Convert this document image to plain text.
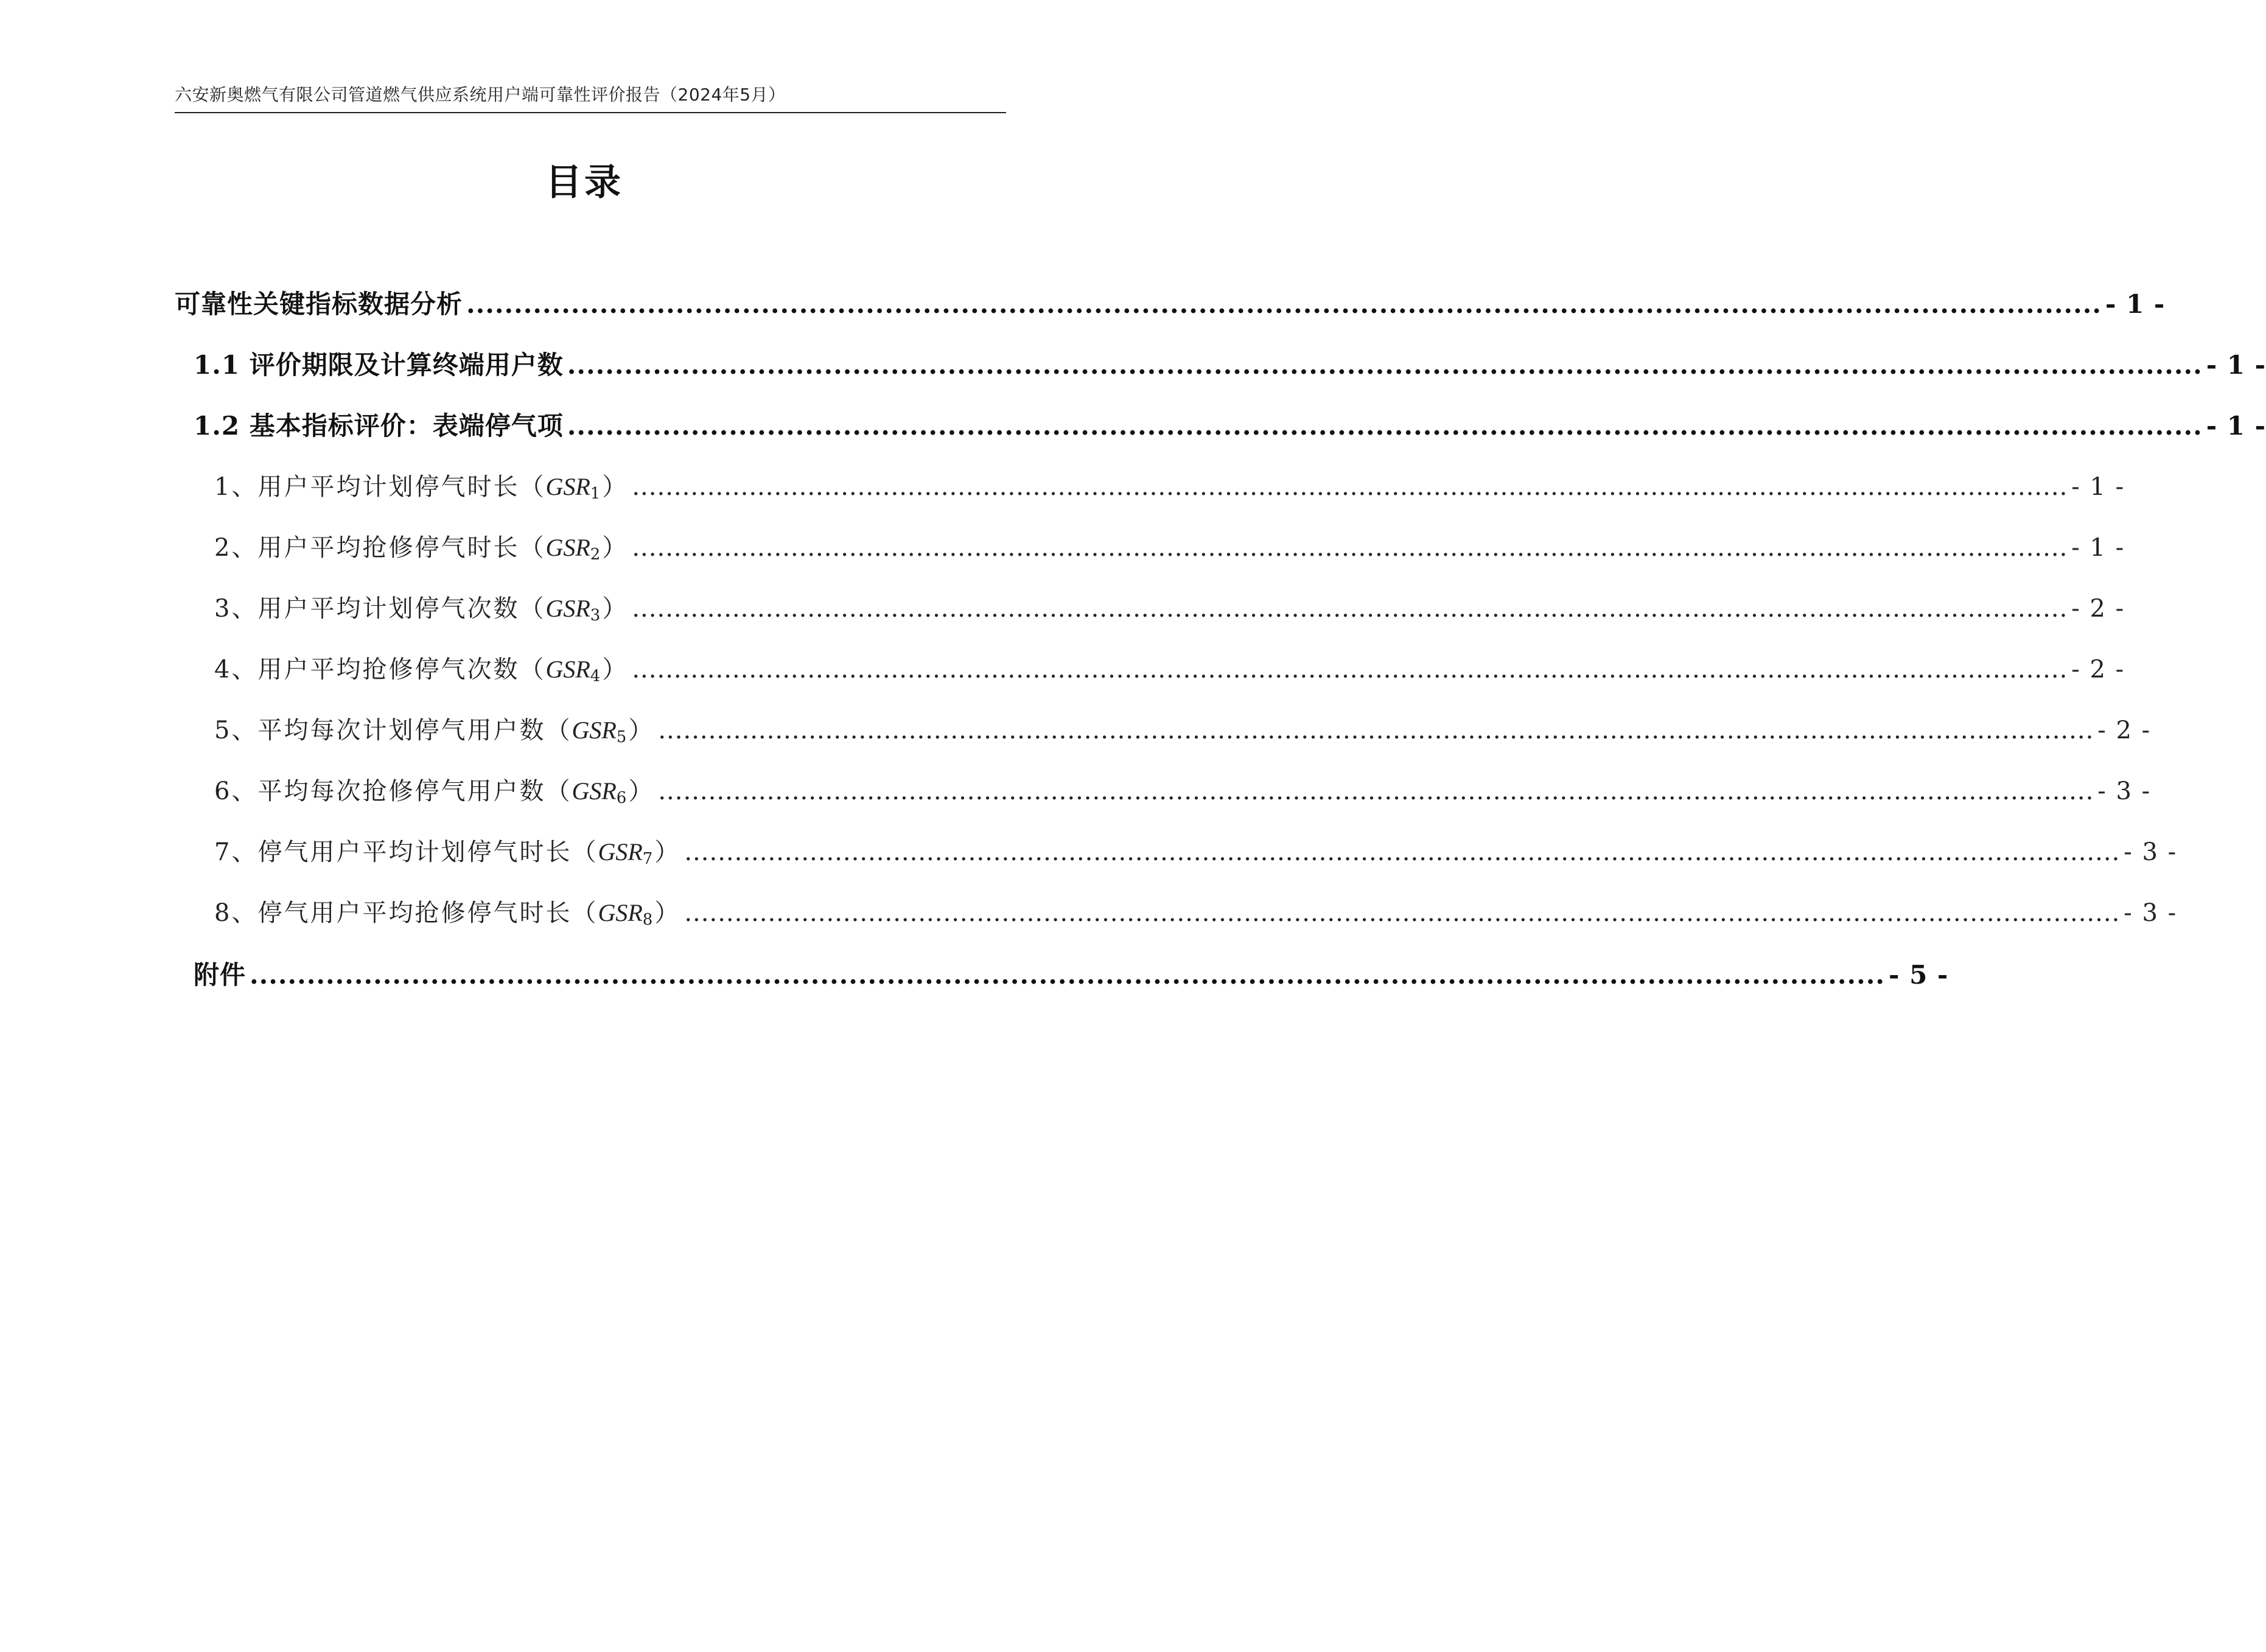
六安新奥燃气有限公司管道燃气供应系统用户端可靠性评价报告（2024年5月）
目录
可靠性关键指标数据分析 ............................................................................................................................................................................ - 1 -
1.1 评价期限及计算终端用户数 ............................................................................................................................................................................ - 1 -
1.2 基本指标评价：表端停气项 ............................................................................................................................................................................ - 1 -
1、用户平均计划停气时长$(GSR_1)$ ............................................................................................................................................................................ - 1 -
2、用户平均抢修停气时长$(GSR_2)$ ............................................................................................................................................................................ - 1 -
3、用户平均计划停气次数$(GSR_3)$ ............................................................................................................................................................................ - 2 -
4、用户平均抢修停气次数$(GSR_4)$ ............................................................................................................................................................................ - 2 -
5、平均每次计划停气用户数$(GSR_5)$ ............................................................................................................................................................................ - 2 -
6、平均每次抢修停气用户数$(GSR_6)$ ............................................................................................................................................................................ - 3 -
7、停气用户平均计划停气时长$(GSR_7)$ ............................................................................................................................................................................ - 3 -
8、停气用户平均抢修停气时长$(GSR_8)$ ............................................................................................................................................................................ - 3 -
附件 ............................................................................................................................................................................ - 5 -
